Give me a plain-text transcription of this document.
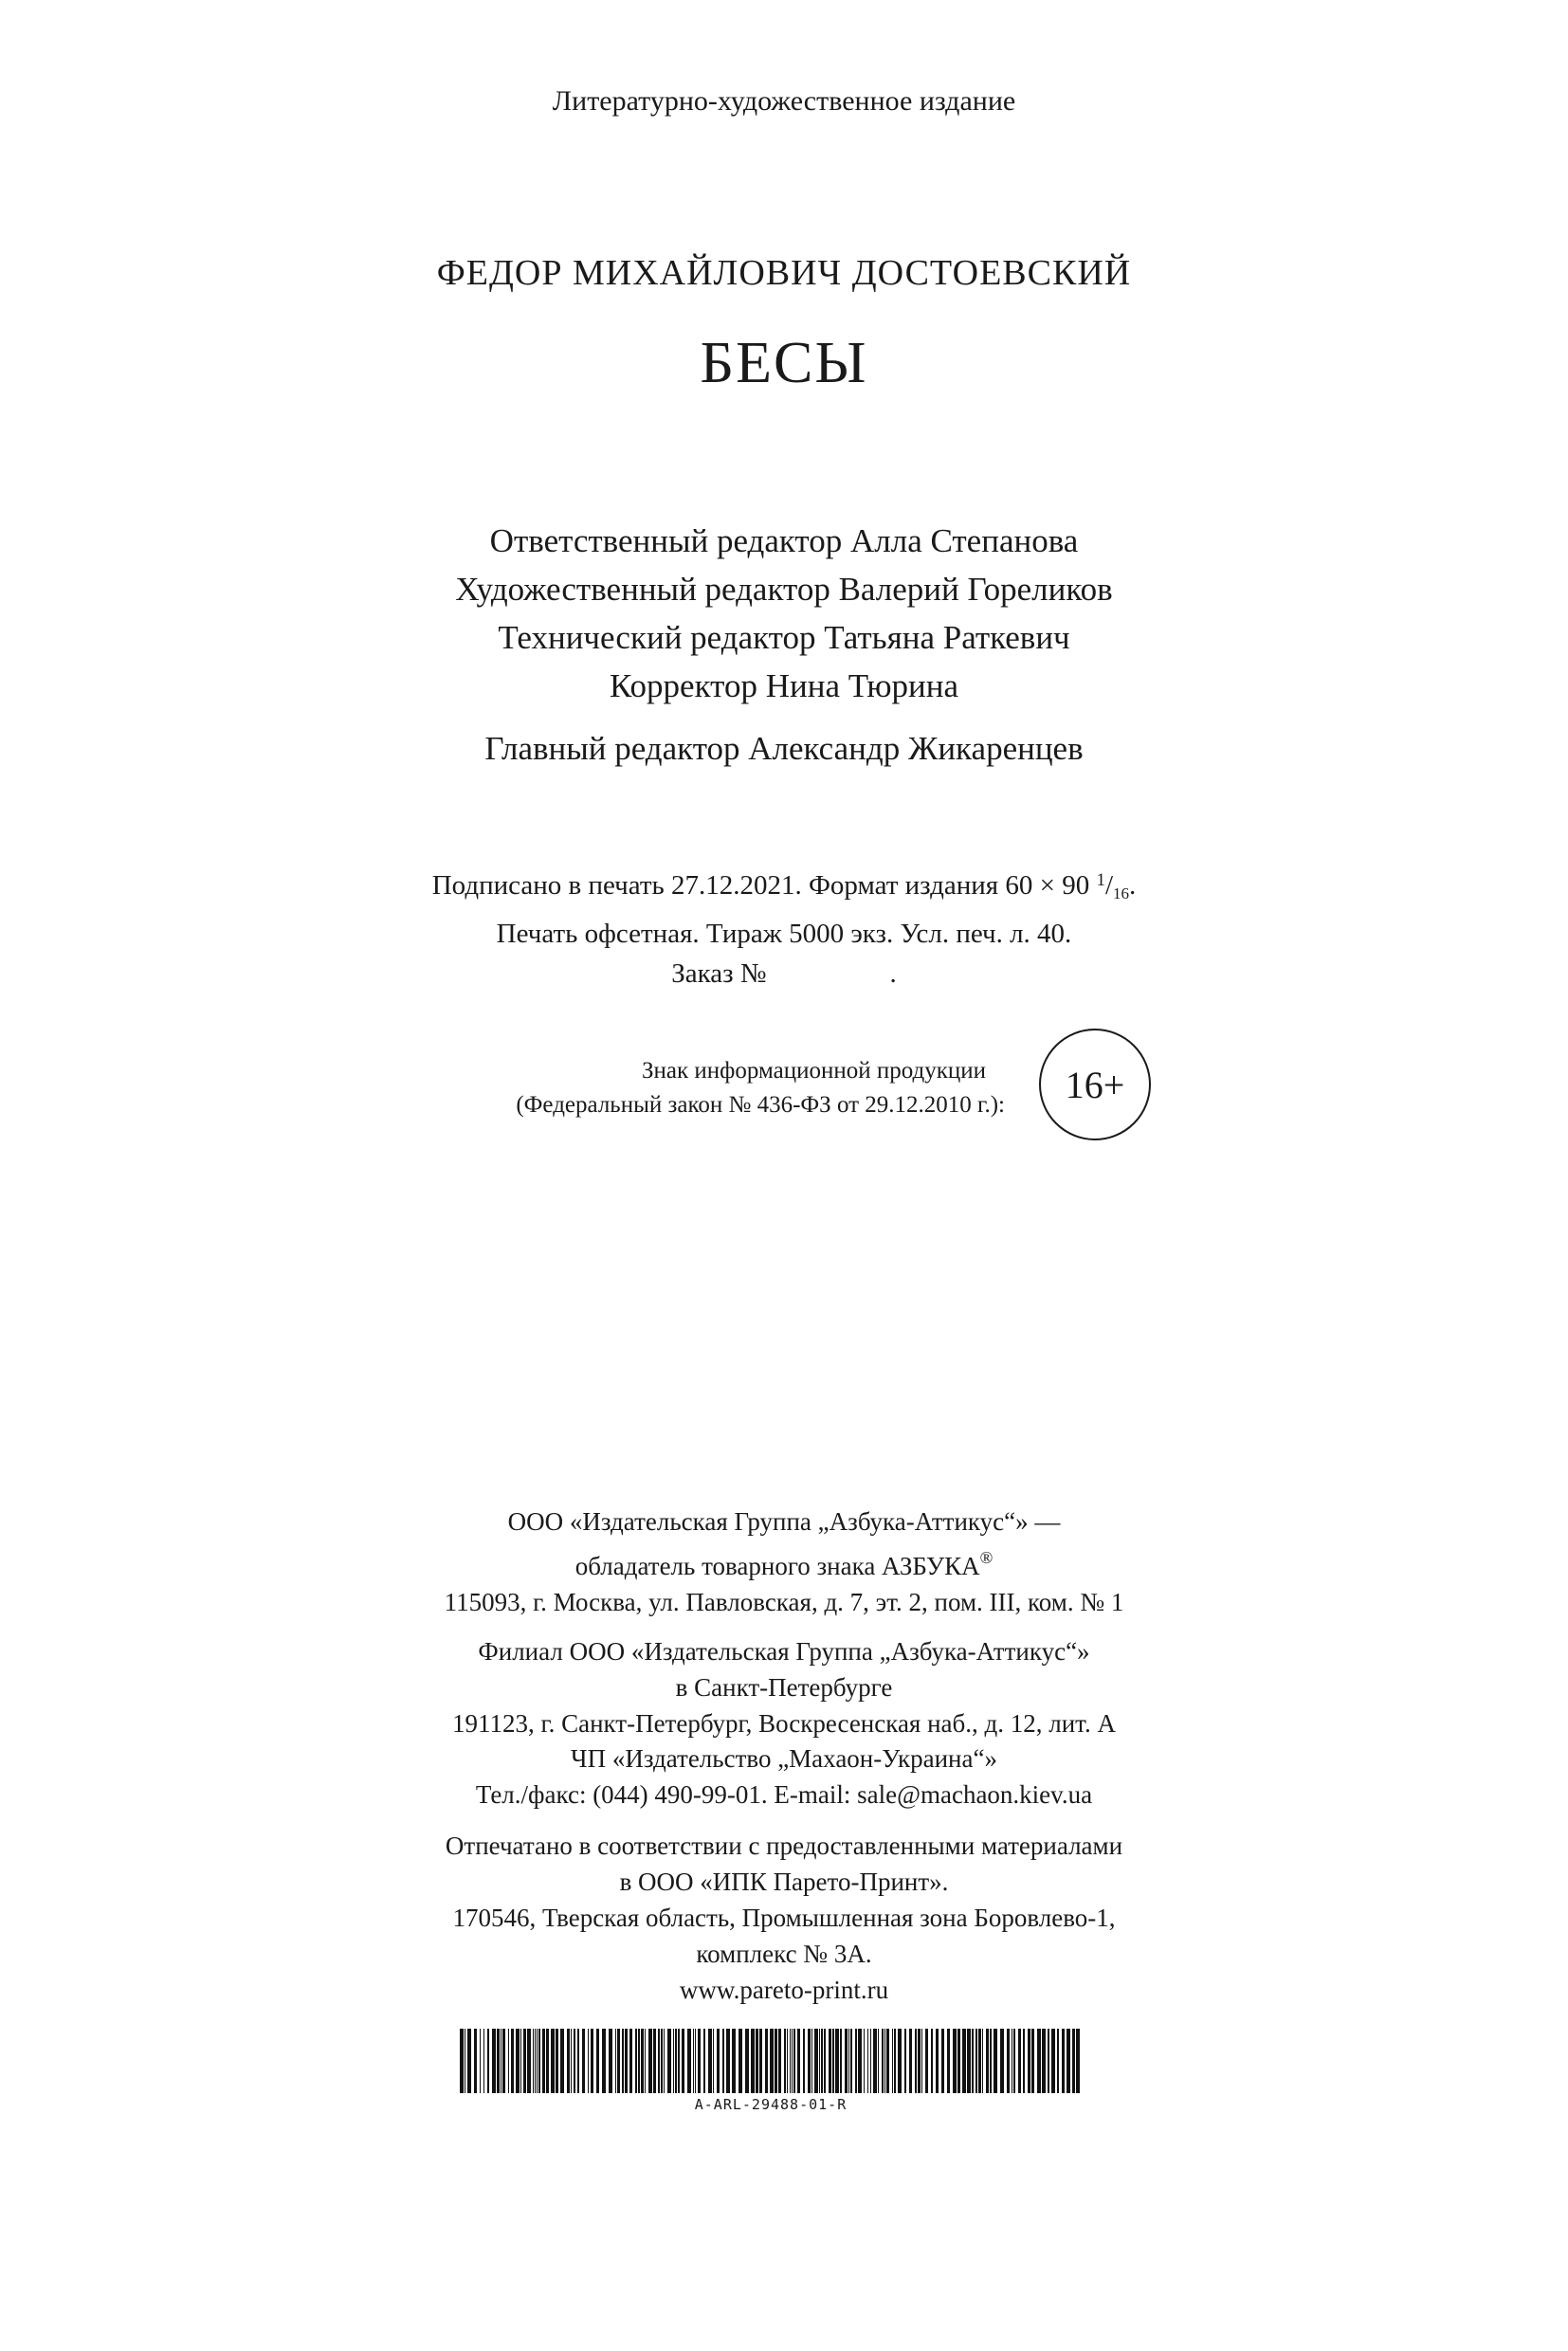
Литературно-художественное издание
ФЕДОР МИХАЙЛОВИЧ ДОСТОЕВСКИЙ
БЕСЫ
Ответственный редактор Алла Степанова
Художественный редактор Валерий Гореликов
Технический редактор Татьяна Раткевич
Корректор Нина Тюрина
Главный редактор Александр Жикаренцев
Подписано в печать 27.12.2021. Формат издания 60 × 90 $^1/_{16}$.
Печать офсетная. Тираж 5000 экз. Усл. печ. л. 40.
Заказ №	.
Знак информационной продукции
(Федеральный закон № 436-ФЗ от 29.12.2010 г.): 16+
ООО «Издательская Группа „Азбука-Аттикус“» —
обладатель товарного знака АЗБУКА®
115093, г. Москва, ул. Павловская, д. 7, эт. 2, пом. III, ком. № 1
Филиал ООО «Издательская Группа „Азбука-Аттикус“»
в Санкт-Петербурге
191123, г. Санкт-Петербург, Воскресенская наб., д. 12, лит. А
ЧП «Издательство „Махаон-Украина“»
Тел./факс: (044) 490-99-01. E-mail: sale@machaon.kiev.ua
Отпечатано в соответствии с предоставленными материалами
в ООО «ИПК Парето-Принт».
170546, Тверская область, Промышленная зона Боровлево-1,
комплекс № 3А.
www.pareto-print.ru
A-ARL-29488-01-R
